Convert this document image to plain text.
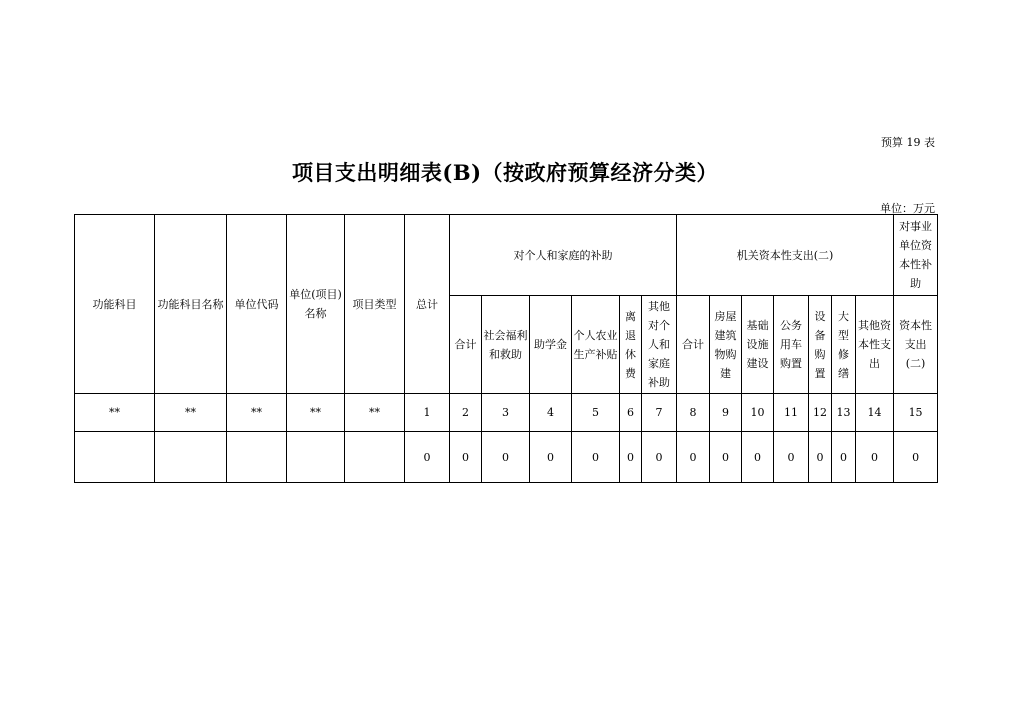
预算 19 表
项目支出明细表(B)（按政府预算经济分类）
单位：万元
功能科目	功能科目名称	单位代码	单位(项目)名称	项目类型	总计	对个人和家庭的补助						机关资本性支出(二)							对事业单位资本性补助
						合计	社会福利和救助	助学金	个人农业生产补贴	离退休费	其他对个人和家庭补助	合计	房屋建筑物购建	基础设施建设	公务用车购置	设备购置	大型修缮	其他资本性支出	资本性支出(二)
**	**	**	**	**	1	2	3	4	5	6	7	8	9	10	11	12	13	14	15
					0	0	0	0	0	0	0	0	0	0	0	0	0	0	0
